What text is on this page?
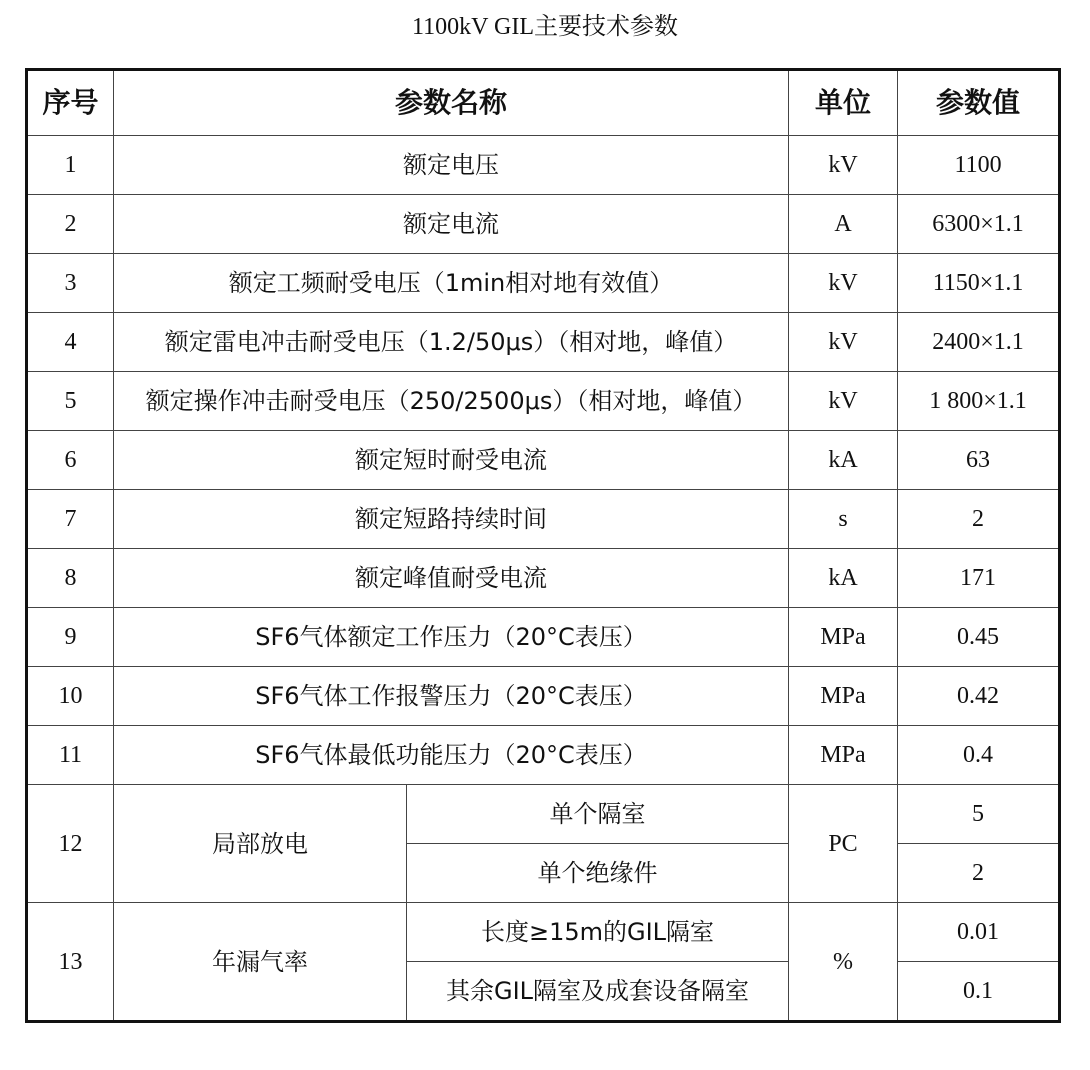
1100kV GIL主要技术参数
序号	参数名称		单位	参数值
1	额定电压		kV	1100
2	额定电流		A	6300×1.1
3	额定工频耐受电压（1min相对地有效值）		kV	1150×1.1
4	额定雷电冲击耐受电压（1.2/50μs）（相对地，峰值）		kV	2400×1.1
5	额定操作冲击耐受电压（250/2500μs）（相对地，峰值）		kV	1 800×1.1
6	额定短时耐受电流		kA	63
7	额定短路持续时间		s	2
8	额定峰值耐受电流		kA	171
9	SF6气体额定工作压力（20°C表压）		MPa	0.45
10	SF6气体工作报警压力（20°C表压）		MPa	0.42
11	SF6气体最低功能压力（20°C表压）		MPa	0.4
12	局部放电	单个隔室	PC	5
		单个绝缘件		2
13	年漏气率	长度≥15m的GIL隔室	%	0.01
		其余GIL隔室及成套设备隔室		0.1
